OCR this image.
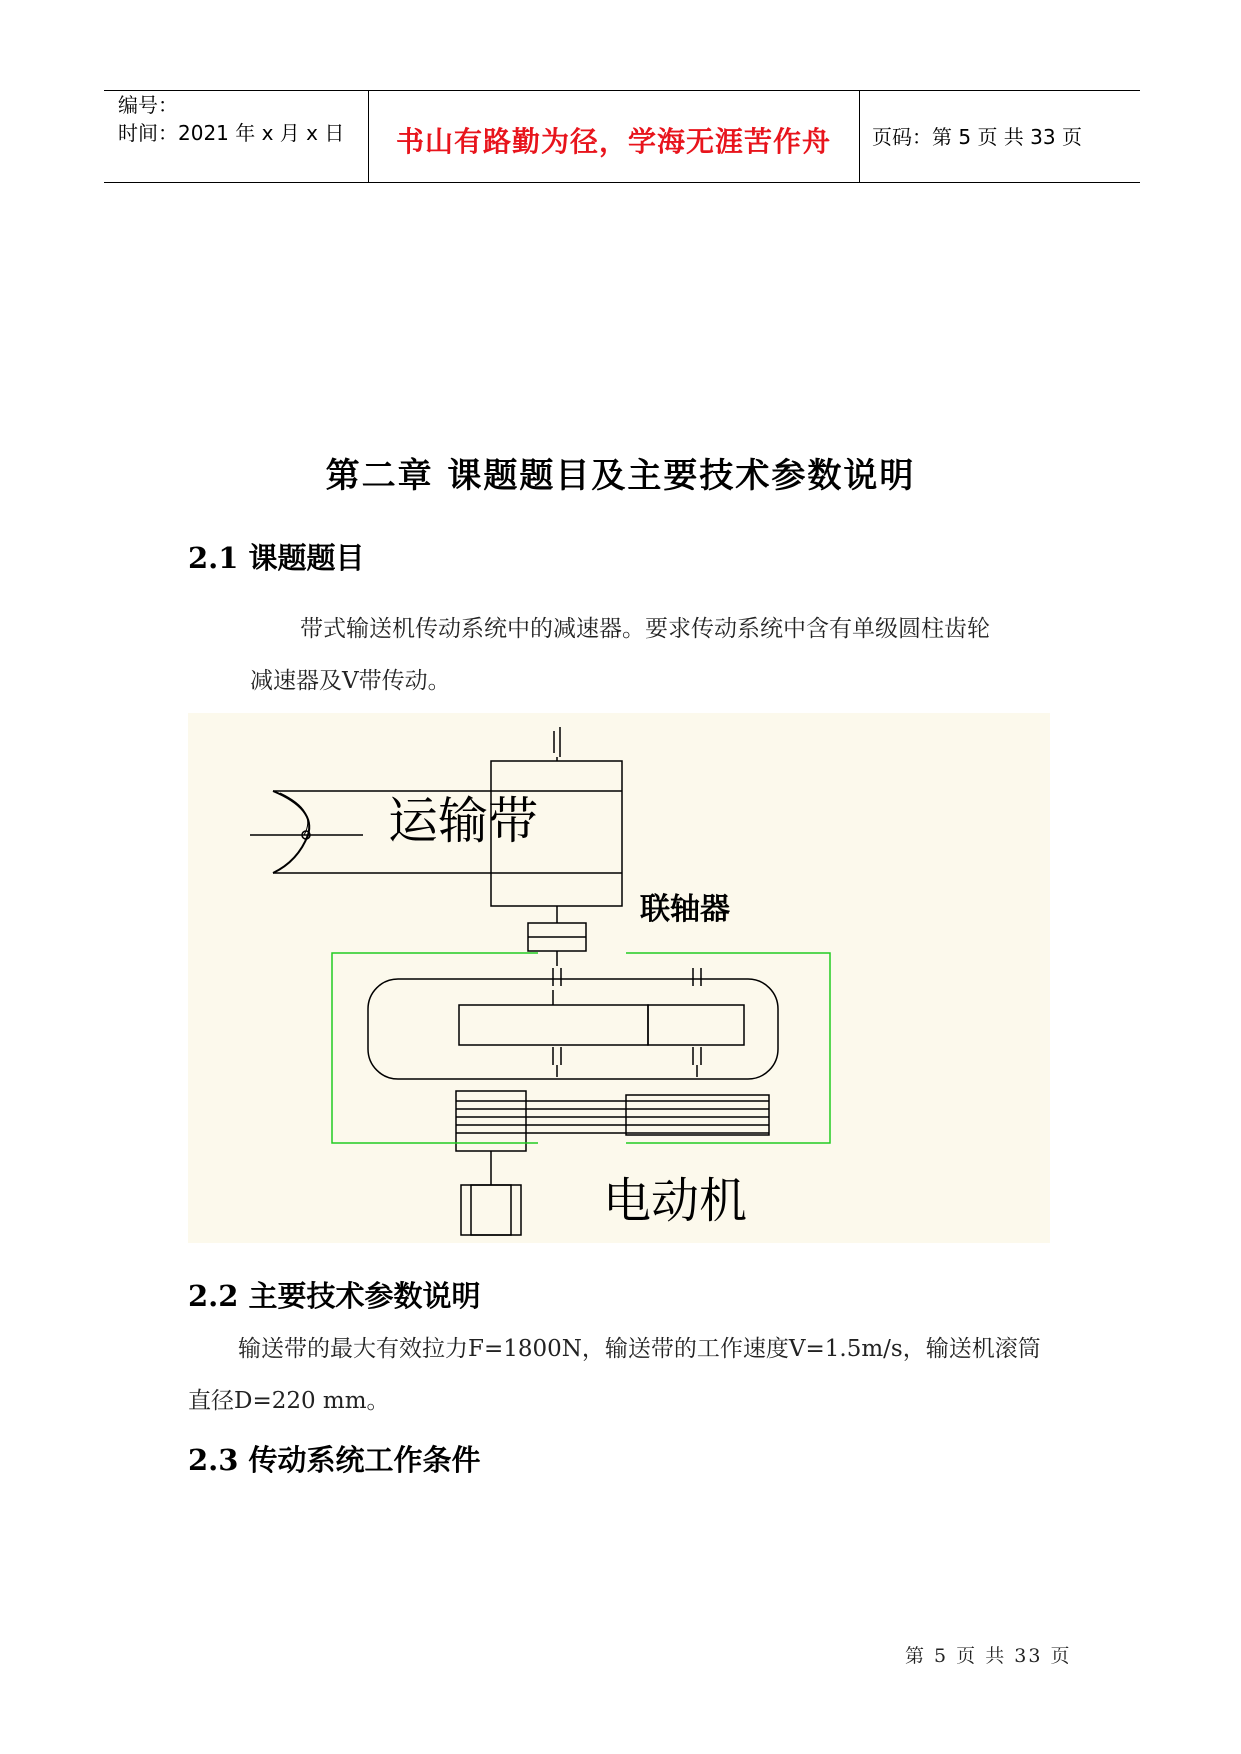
编号：
时间：2021 年 x 月 x 日	书山有路勤为径，学海无涯苦作舟	页码：第 5 页 共 33 页
第二章 课题题目及主要技术参数说明
2.1 课题题目
带式输送机传动系统中的减速器。要求传动系统中含有单级圆柱齿轮
减速器及V带传动。
运输带
联轴器
电动机
2.2 主要技术参数说明
输送带的最大有效拉力F=1800N，输送带的工作速度V=1.5m/s，输送机滚筒
直径D=220 mm。
2.3 传动系统工作条件
第 5 页 共 33 页
